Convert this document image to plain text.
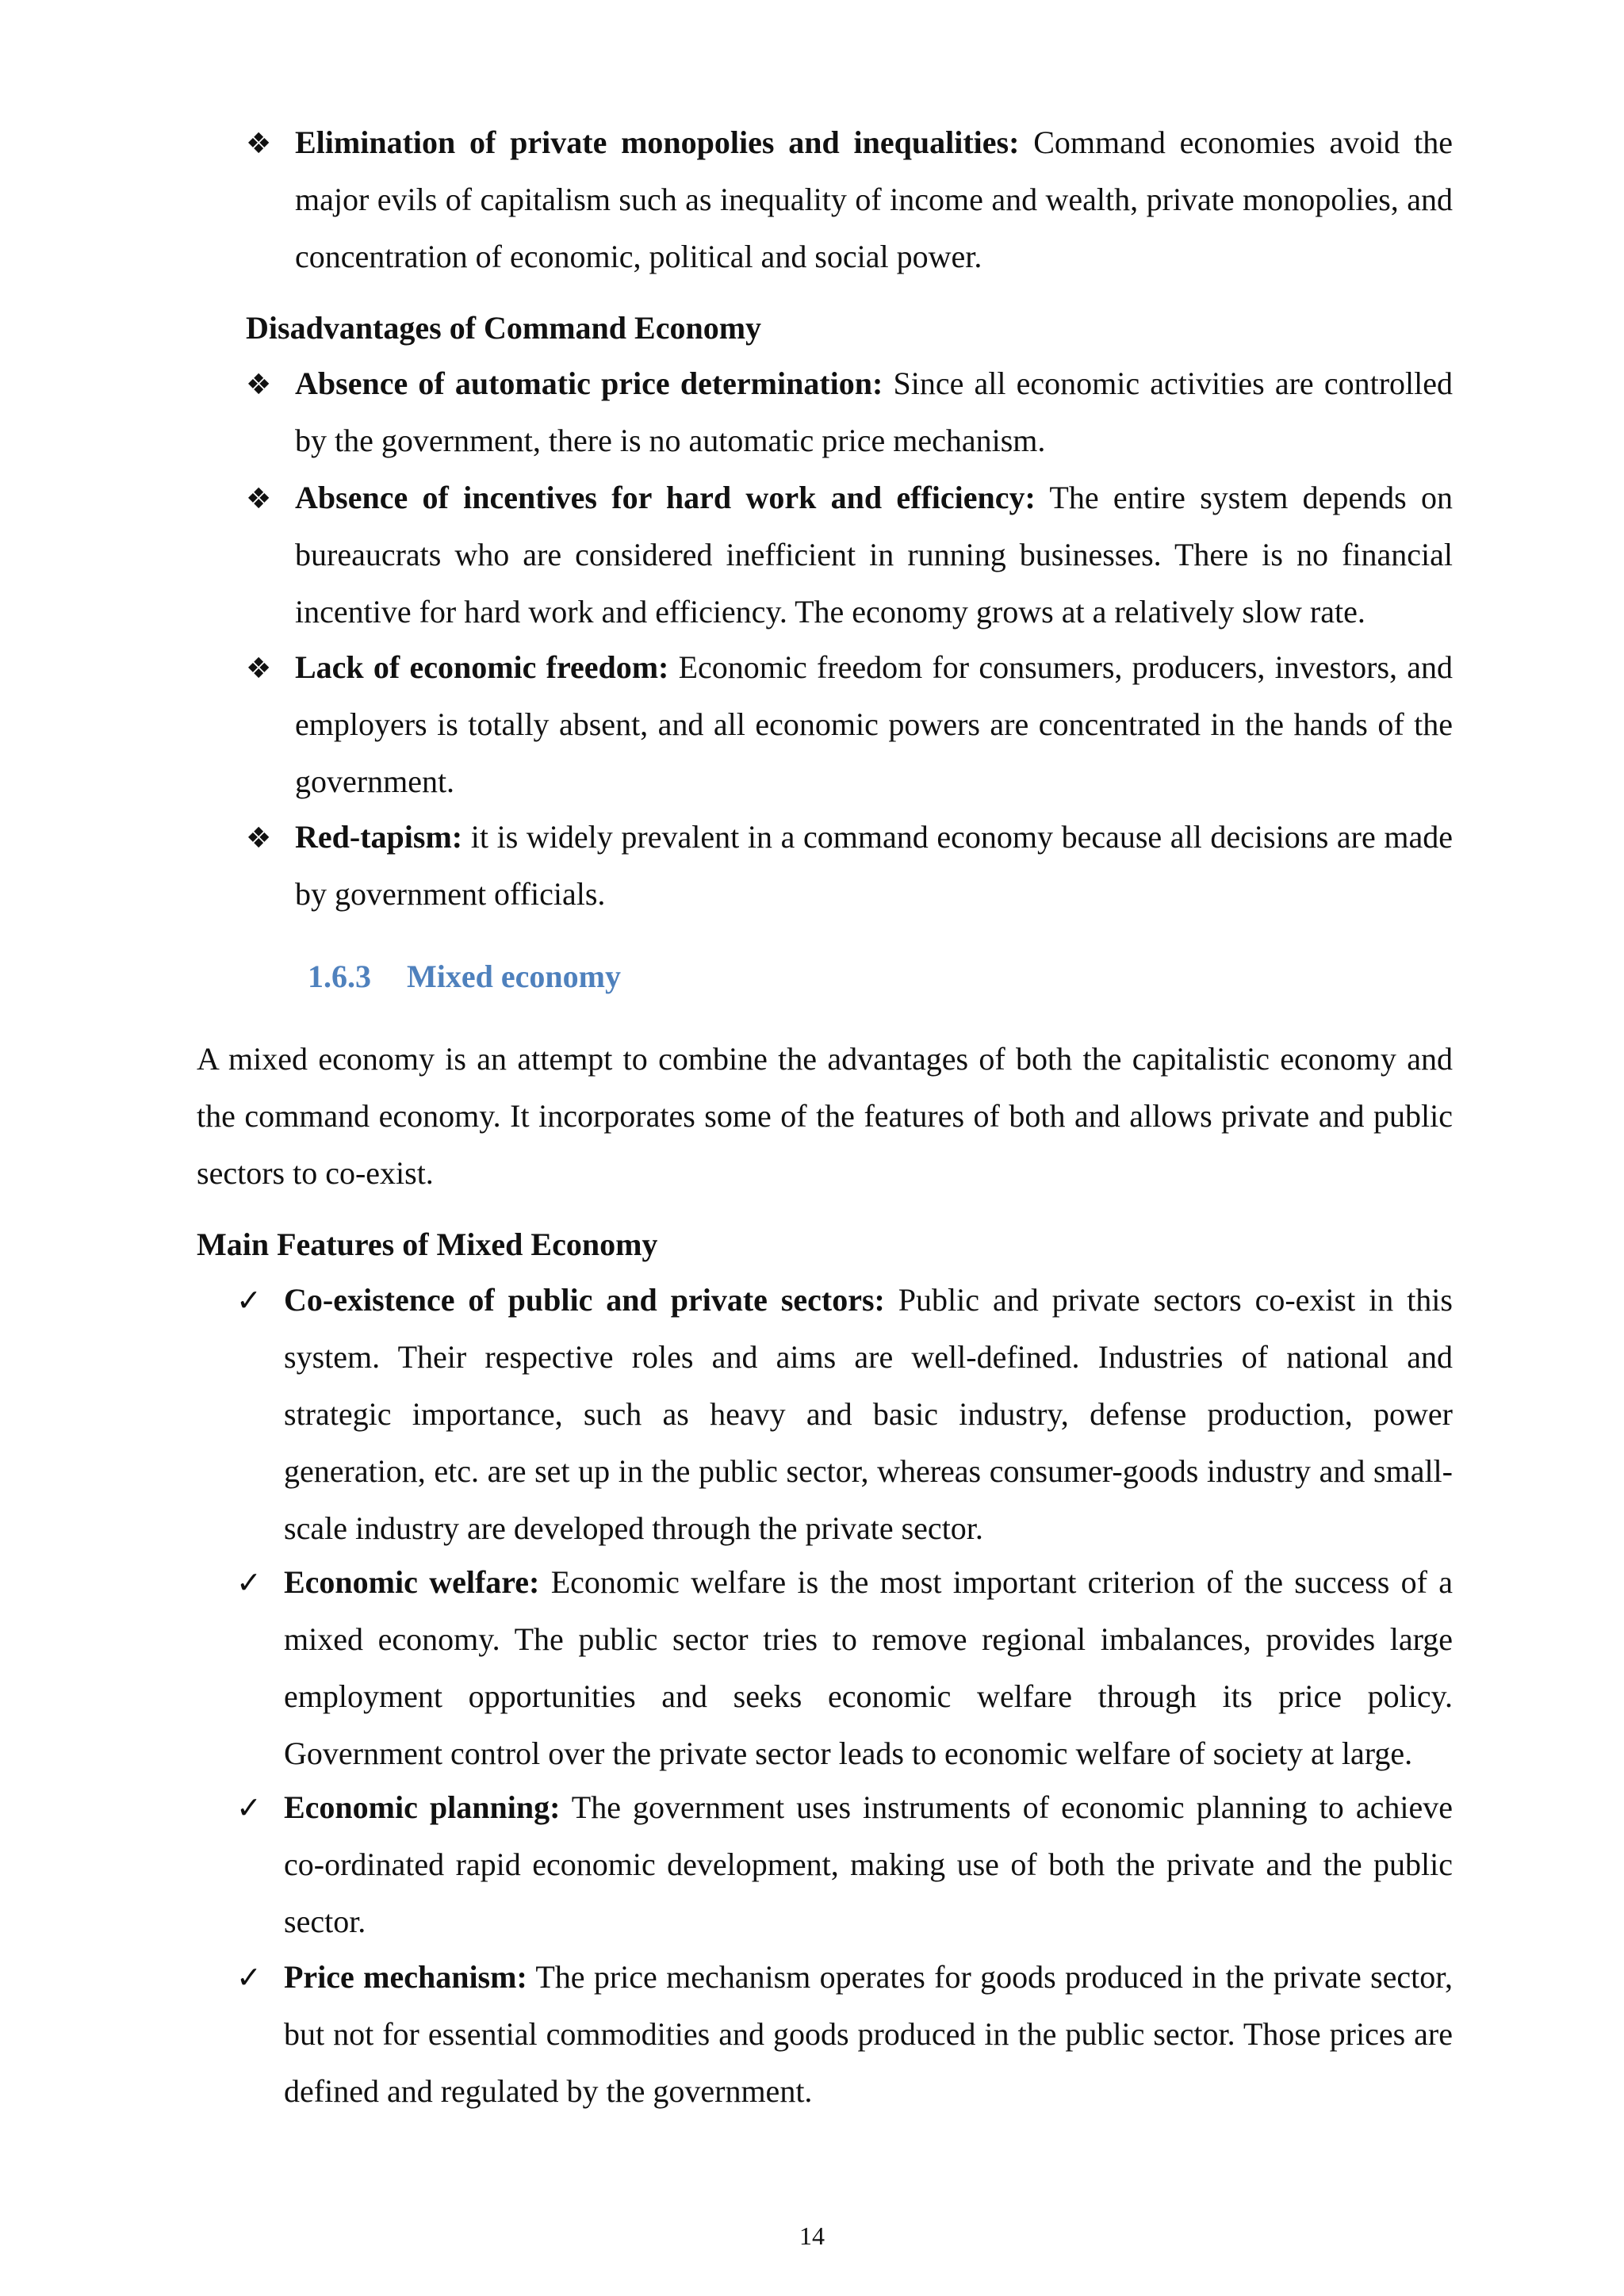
❖ Elimination of private monopolies and inequalities: Command economies avoid the major evils of capitalism such as inequality of income and wealth, private monopolies, and concentration of economic, political and social power.
Disadvantages of Command Economy
❖ Absence of automatic price determination: Since all economic activities are controlled by the government, there is no automatic price mechanism.
❖ Absence of incentives for hard work and efficiency: The entire system depends on bureaucrats who are considered inefficient in running businesses. There is no financial incentive for hard work and efficiency. The economy grows at a relatively slow rate.
❖ Lack of economic freedom: Economic freedom for consumers, producers, investors, and employers is totally absent, and all economic powers are concentrated in the hands of the government.
❖ Red-tapism: it is widely prevalent in a command economy because all decisions are made by government officials.
1.6.3 Mixed economy
A mixed economy is an attempt to combine the advantages of both the capitalistic economy and the command economy. It incorporates some of the features of both and allows private and public sectors to co-exist.
Main Features of Mixed Economy
✓ Co-existence of public and private sectors: Public and private sectors co-exist in this system. Their respective roles and aims are well-defined. Industries of national and strategic importance, such as heavy and basic industry, defense production, power generation, etc. are set up in the public sector, whereas consumer-goods industry and small-scale industry are developed through the private sector.
✓ Economic welfare: Economic welfare is the most important criterion of the success of a mixed economy. The public sector tries to remove regional imbalances, provides large employment opportunities and seeks economic welfare through its price policy. Government control over the private sector leads to economic welfare of society at large.
✓ Economic planning: The government uses instruments of economic planning to achieve co-ordinated rapid economic development, making use of both the private and the public sector.
✓ Price mechanism: The price mechanism operates for goods produced in the private sector, but not for essential commodities and goods produced in the public sector. Those prices are defined and regulated by the government.
14
